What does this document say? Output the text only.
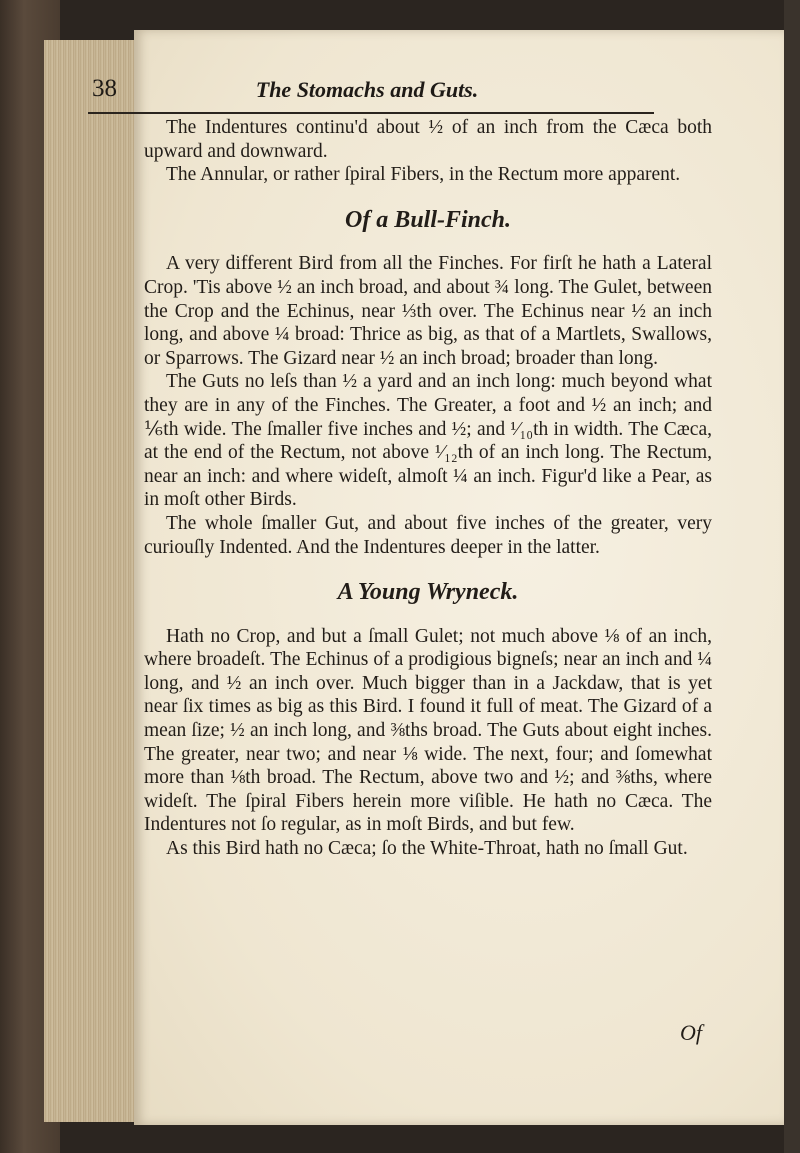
38	The Stomachs and Guts.

The Indentures continu'd about ½ of an inch from the Cæca both upward and downward.

The Annular, or rather ſpiral Fibers, in the Rectum more apparent.

Of a Bull-Finch.

A very different Bird from all the Finches. For firſt he hath a Lateral Crop. 'Tis above ½ an inch broad, and about ¾ long. The Gulet, between the Crop and the Echinus, near ⅓th over. The Echinus near ½ an inch long, and above ¼ broad: Thrice as big, as that of a Martlets, Swallows, or Sparrows. The Gizard near ½ an inch broad; broader than long.

The Guts no leſs than ½ a yard and an inch long: much beyond what they are in any of the Finches. The Greater, a foot and ½ an inch; and ⅙th wide. The ſmaller five inches and ½; and ¹⁄₁₀th in width. The Cæca, at the end of the Rectum, not above ¹⁄₁₂th of an inch long. The Rectum, near an inch: and where wideſt, almoſt ¼ an inch. Figur'd like a Pear, as in moſt other Birds.

The whole ſmaller Gut, and about five inches of the greater, very curiouſly Indented. And the Indentures deeper in the latter.

A Young Wryneck.

Hath no Crop, and but a ſmall Gulet; not much above ⅛ of an inch, where broadeſt. The Echinus of a prodigious bigneſs; near an inch and ¼ long, and ½ an inch over. Much bigger than in a Jackdaw, that is yet near ſix times as big as this Bird. I found it full of meat. The Gizard of a mean ſize; ½ an inch long, and ⅜ths broad. The Guts about eight inches. The greater, near two; and near ⅛ wide. The next, four; and ſomewhat more than ⅛th broad. The Rectum, above two and ½; and ⅜ths, where wideſt. The ſpiral Fibers herein more viſible. He hath no Cæca. The Indentures not ſo regular, as in moſt Birds, and but few.

As this Bird hath no Cæca; ſo the White-Throat, hath no ſmall Gut.

Of
